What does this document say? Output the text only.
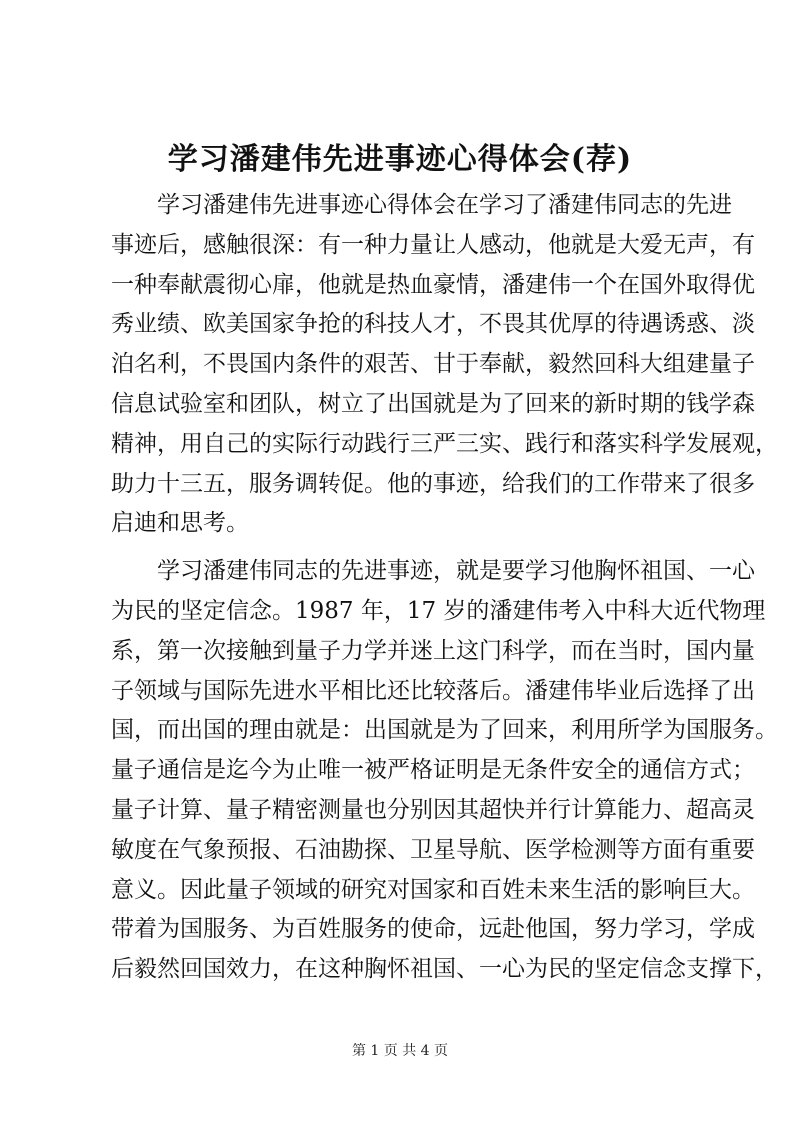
学习潘建伟先进事迹心得体会(荐)
学习潘建伟先进事迹心得体会在学习了潘建伟同志的先进
事迹后，感触很深：有一种力量让人感动，他就是大爱无声，有
一种奉献震彻心扉，他就是热血豪情，潘建伟一个在国外取得优
秀业绩、欧美国家争抢的科技人才，不畏其优厚的待遇诱惑、淡
泊名利，不畏国内条件的艰苦、甘于奉献，毅然回科大组建量子
信息试验室和团队，树立了出国就是为了回来的新时期的钱学森
精神，用自己的实际行动践行三严三实、践行和落实科学发展观，
助力十三五，服务调转促。他的事迹，给我们的工作带来了很多
启迪和思考。
学习潘建伟同志的先进事迹，就是要学习他胸怀祖国、一心
为民的坚定信念。1987 年，17 岁的潘建伟考入中科大近代物理
系，第一次接触到量子力学并迷上这门科学，而在当时，国内量
子领域与国际先进水平相比还比较落后。潘建伟毕业后选择了出
国，而出国的理由就是：出国就是为了回来，利用所学为国服务。
量子通信是迄今为止唯一被严格证明是无条件安全的通信方式；
量子计算、量子精密测量也分别因其超快并行计算能力、超高灵
敏度在气象预报、石油勘探、卫星导航、医学检测等方面有重要
意义。因此量子领域的研究对国家和百姓未来生活的影响巨大。
带着为国服务、为百姓服务的使命，远赴他国，努力学习，学成
后毅然回国效力，在这种胸怀祖国、一心为民的坚定信念支撑下，
第 1 页 共 4 页
